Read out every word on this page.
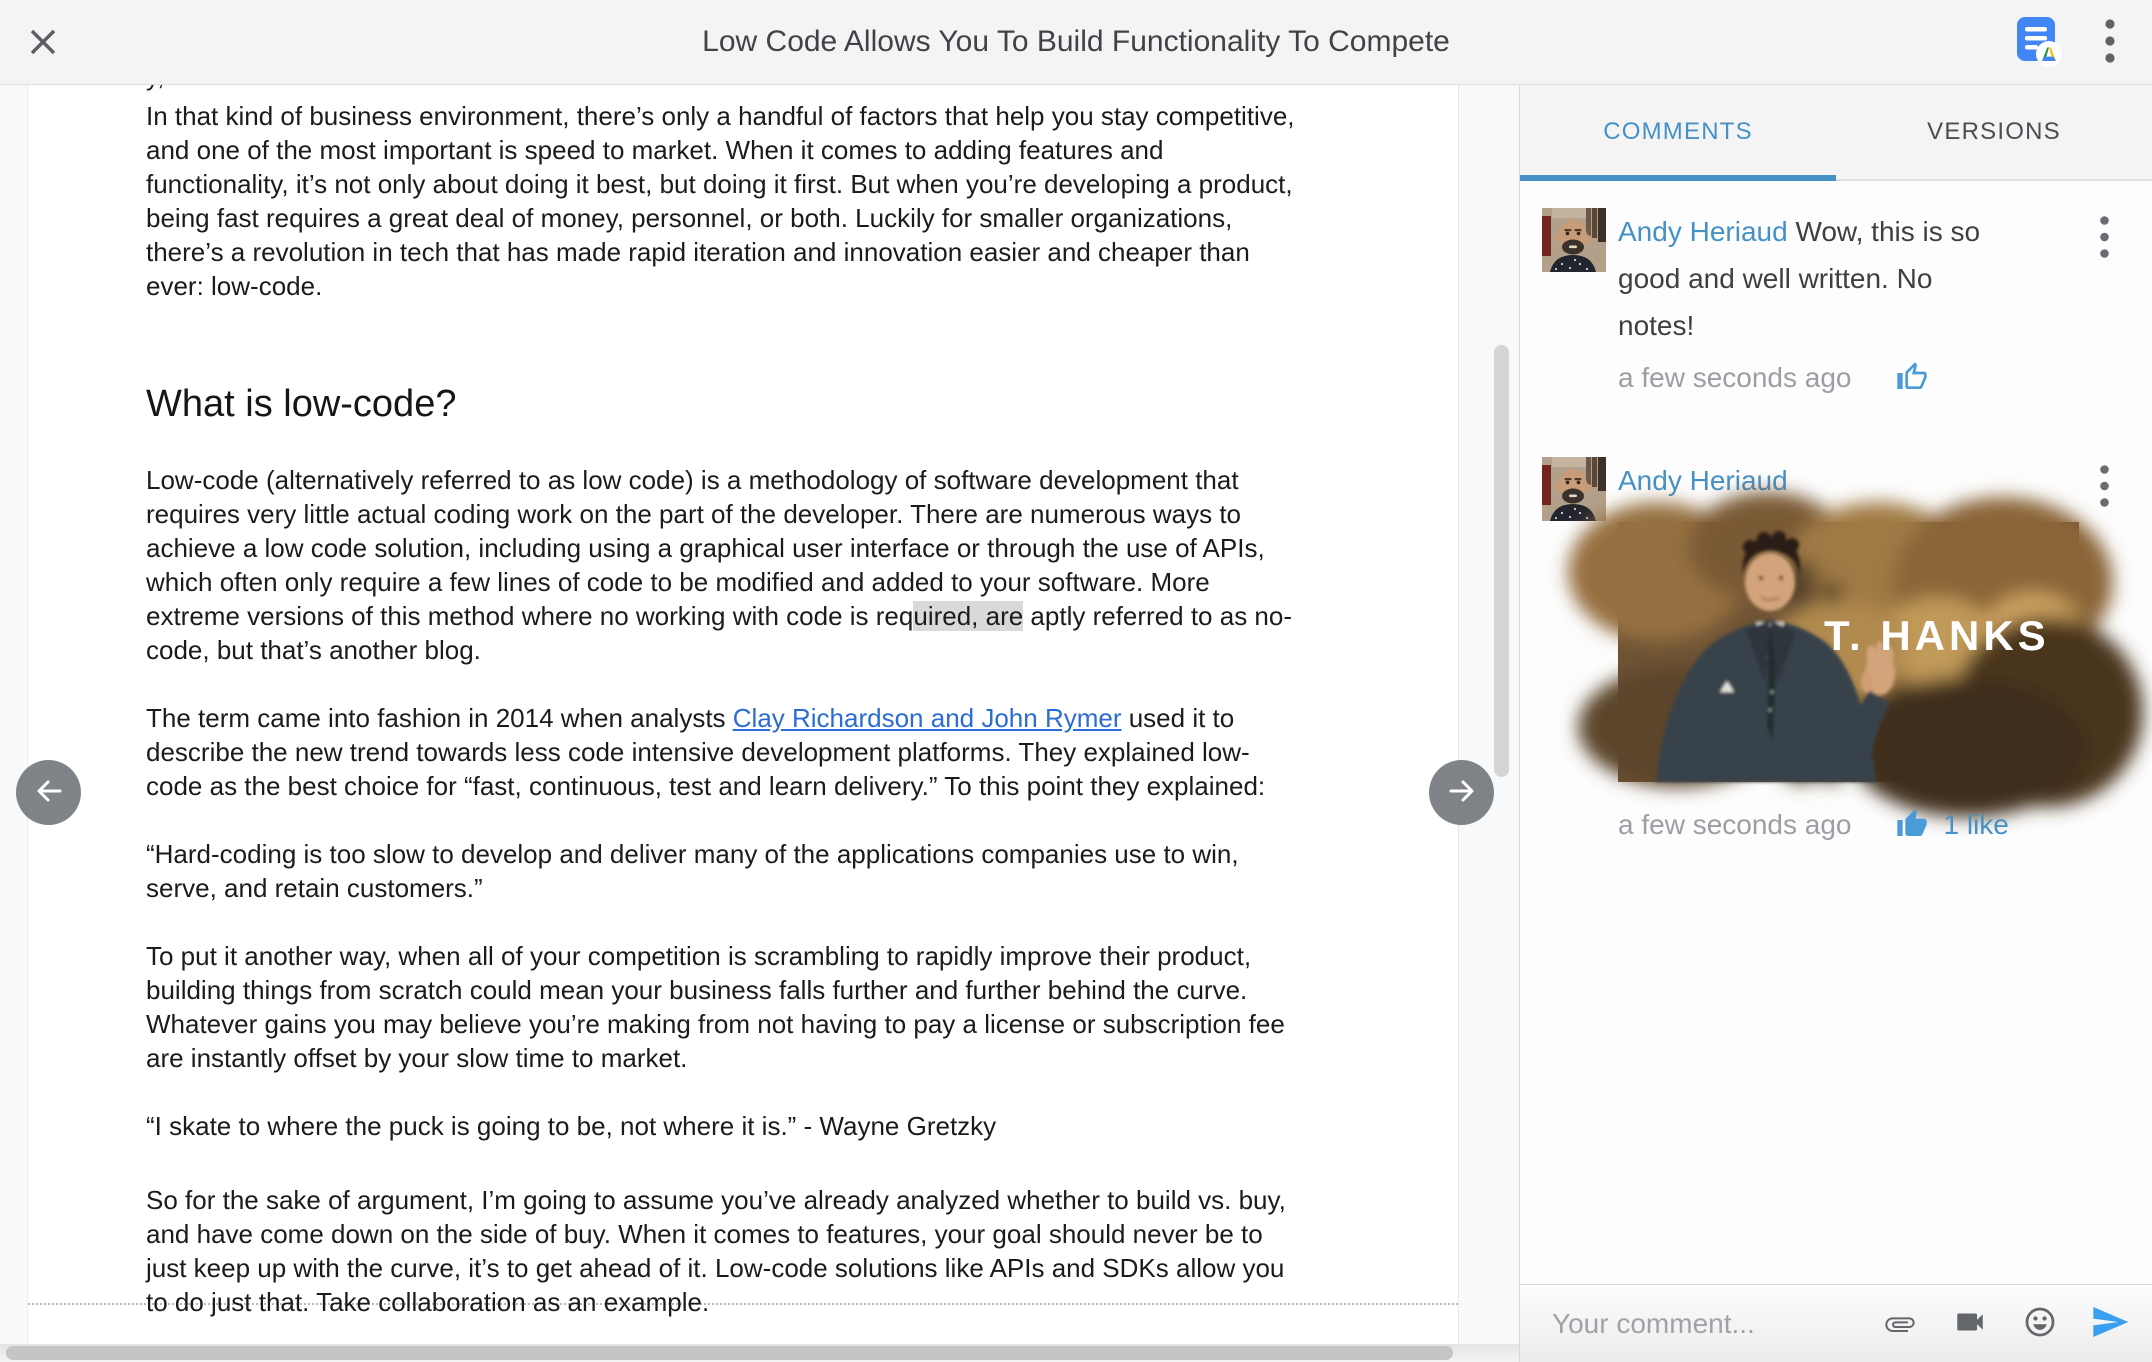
Low Code Allows You To Build Functionality To Compete

In that kind of business environment, there’s only a handful of factors that help you stay competitive, and one of the most important is speed to market. When it comes to adding features and functionality, it’s not only about doing it best, but doing it first. But when you’re developing a product, being fast requires a great deal of money, personnel, or both. Luckily for smaller organizations, there’s a revolution in tech that has made rapid iteration and innovation easier and cheaper than ever: low-code.

What is low-code?

Low-code (alternatively referred to as low code) is a methodology of software development that requires very little actual coding work on the part of the developer. There are numerous ways to achieve a low code solution, including using a graphical user interface or through the use of APIs, which often only require a few lines of code to be modified and added to your software. More extreme versions of this method where no working with code is required, are aptly referred to as no-code, but that’s another blog.

The term came into fashion in 2014 when analysts Clay Richardson and John Rymer used it to describe the new trend towards less code intensive development platforms. They explained low-code as the best choice for “fast, continuous, test and learn delivery.” To this point they explained:

“Hard-coding is too slow to develop and deliver many of the applications companies use to win, serve, and retain customers.”

To put it another way, when all of your competition is scrambling to rapidly improve their product, building things from scratch could mean your business falls further and further behind the curve. Whatever gains you may believe you’re making from not having to pay a license or subscription fee are instantly offset by your slow time to market.

“I skate to where the puck is going to be, not where it is.” - Wayne Gretzky

So for the sake of argument, I’m going to assume you’ve already analyzed whether to build vs. buy, and have come down on the side of buy. When it comes to features, your goal should never be to just keep up with the curve, it’s to get ahead of it. Low-code solutions like APIs and SDKs allow you to do just that. Take collaboration as an example.

COMMENTS	VERSIONS
Andy Heriaud Wow, this is so good and well written. No notes!
a few seconds ago
Andy Heriaud
T. HANKS
a few seconds ago	1 like
Your comment...
